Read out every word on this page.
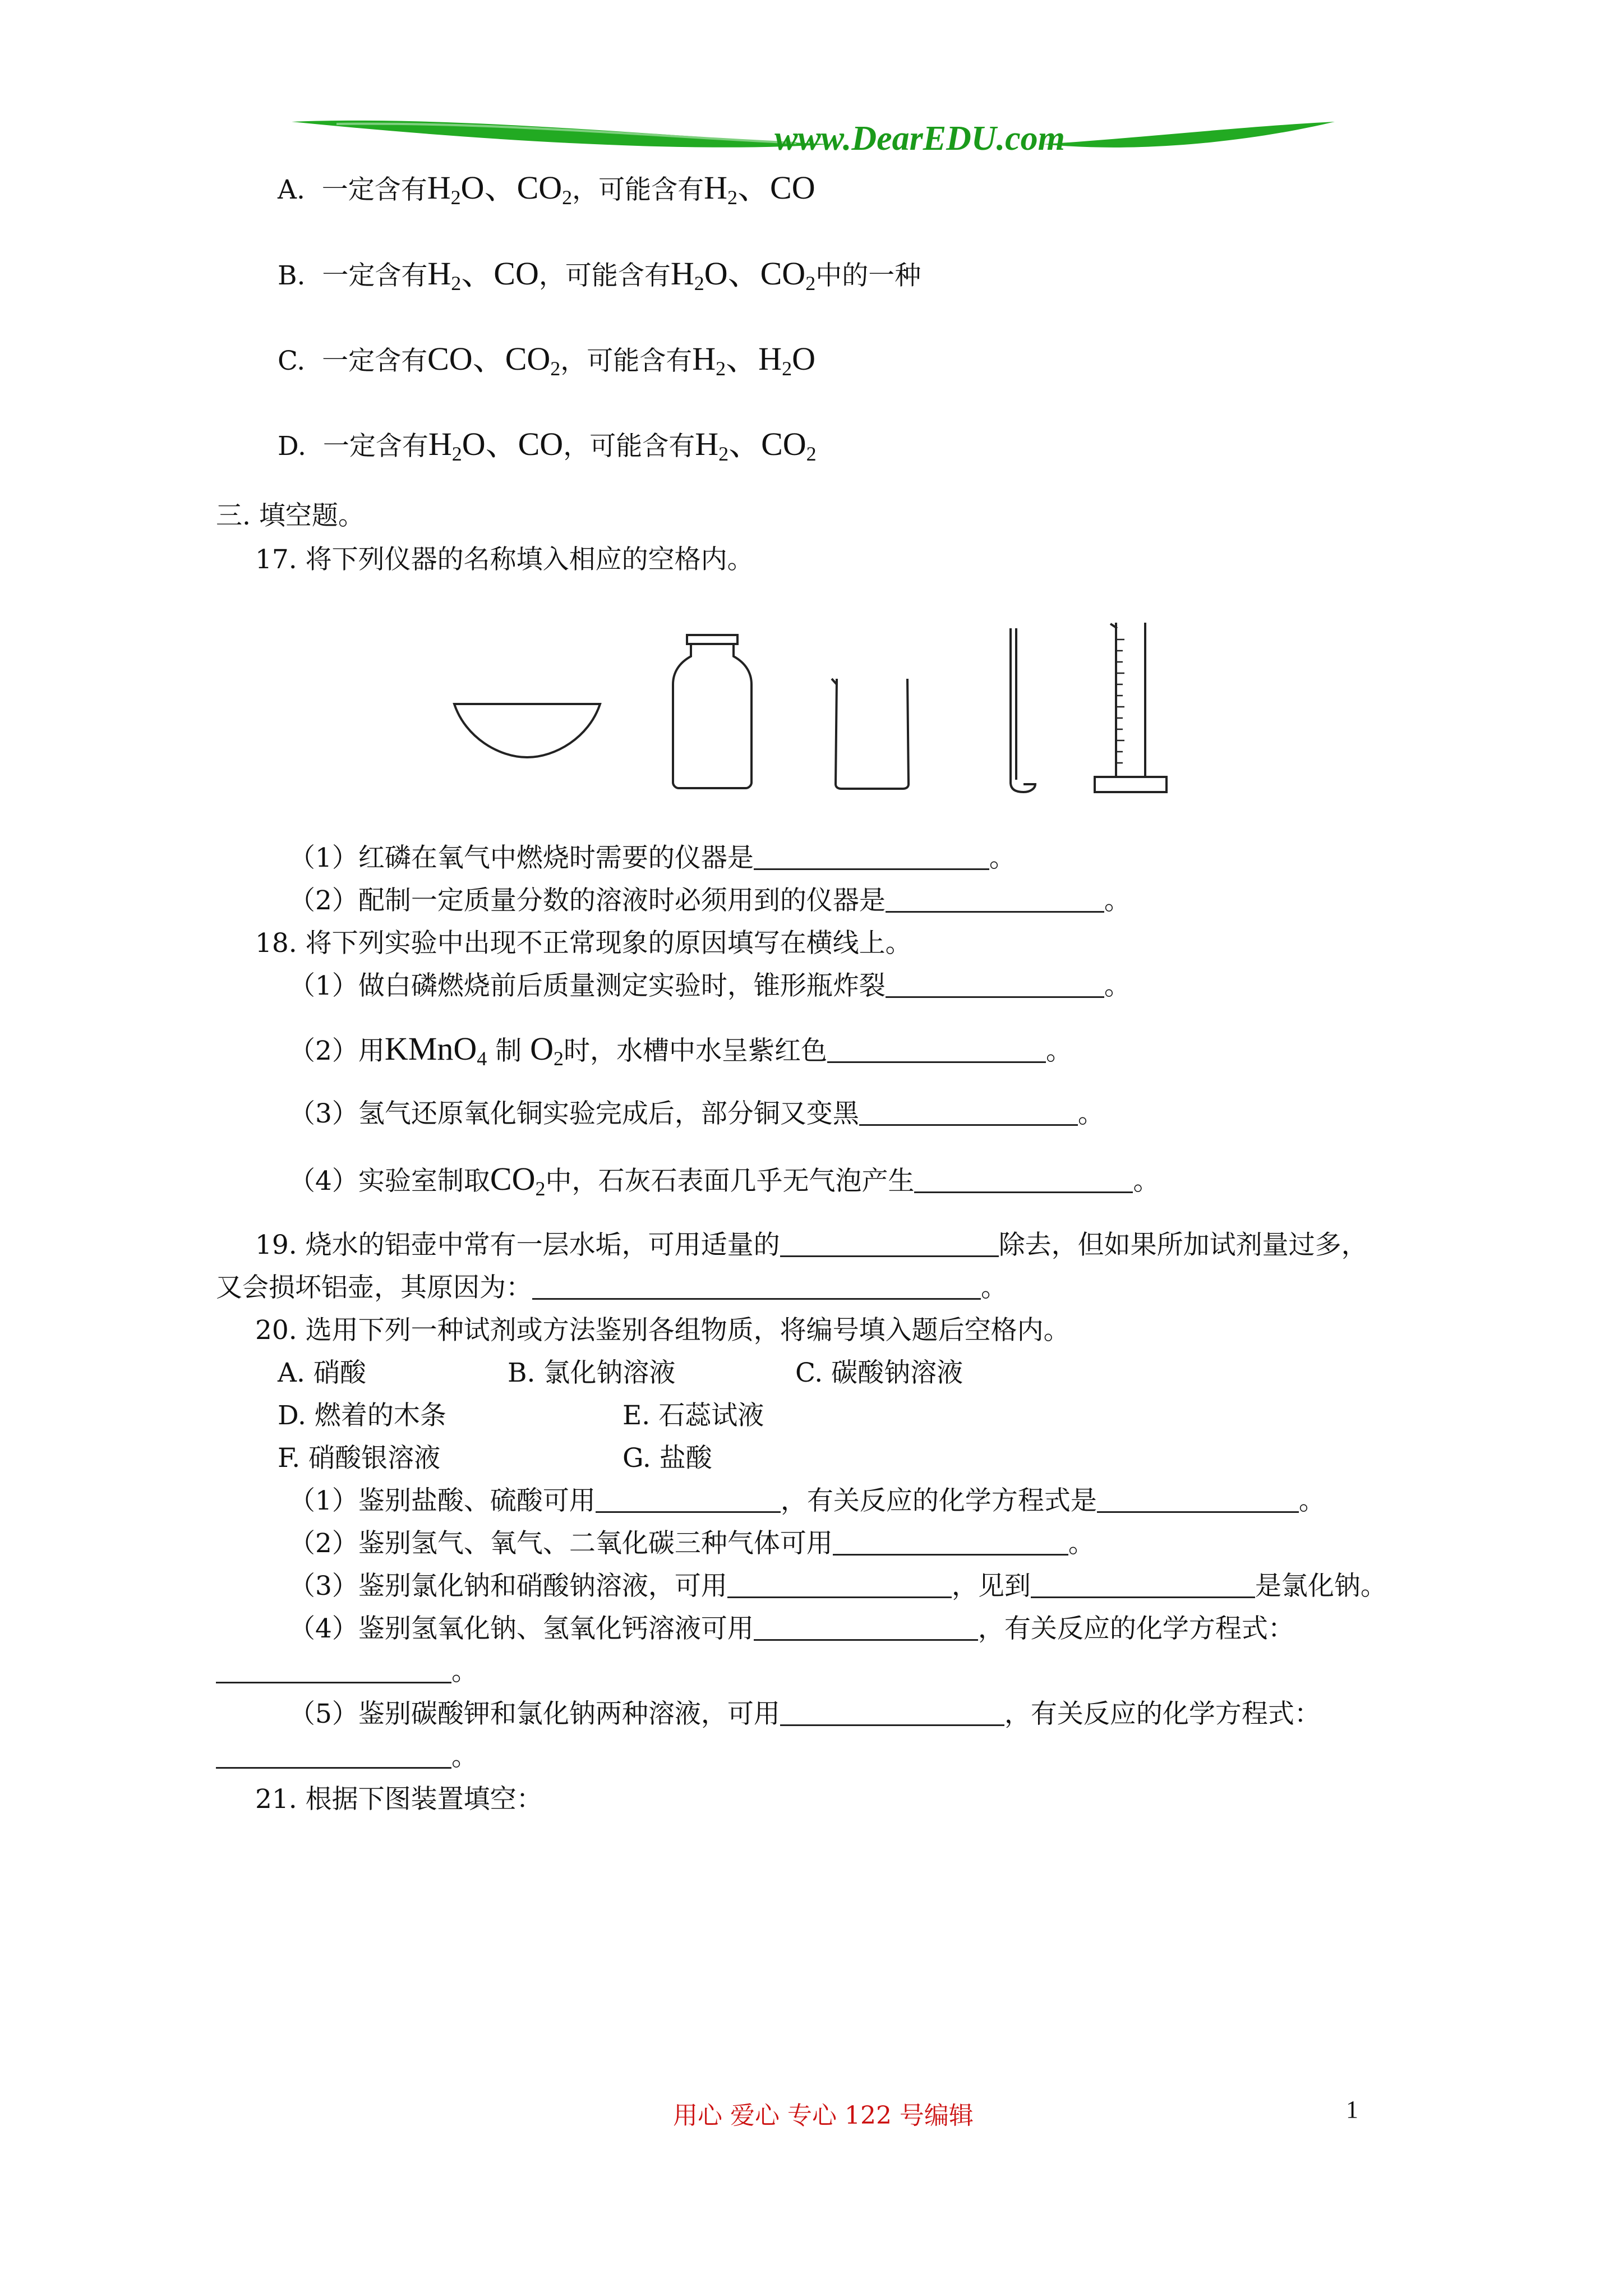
www.DearEDU.com
A. 一定含有$H_2O$、$CO_2$，可能含有$H_2$、CO
B. 一定含有$H_2$、CO，可能含有$H_2O$、$CO_2$中的一种
C. 一定含有CO、$CO_2$，可能含有$H_2$、$H_2O$
D. 一定含有$H_2O$、CO，可能含有$H_2$、$CO_2$
三. 填空题。
17. 将下列仪器的名称填入相应的空格内。
（1）红磷在氧气中燃烧时需要的仪器是	。
（2）配制一定质量分数的溶液时必须用到的仪器是	。
18. 将下列实验中出现不正常现象的原因填写在横线上。
（1）做白磷燃烧前后质量测定实验时，锥形瓶炸裂	。
（2）用KMnO$_4$ 制 $O_2$时，水槽中水呈紫红色	。
（3）氢气还原氧化铜实验完成后，部分铜又变黑	。
（4）实验室制取$CO_2$中，石灰石表面几乎无气泡产生	。
19. 烧水的铝壶中常有一层水垢，可用适量的	除去，但如果所加试剂量过多，
又会损坏铝壶，其原因为：	。
20. 选用下列一种试剂或方法鉴别各组物质，将编号填入题后空格内。
A. 硝酸	B. 氯化钠溶液	C. 碳酸钠溶液
D. 燃着的木条	E. 石蕊试液
F. 硝酸银溶液	G. 盐酸
（1）鉴别盐酸、硫酸可用	，有关反应的化学方程式是	。
（2）鉴别氢气、氧气、二氧化碳三种气体可用	。
（3）鉴别氯化钠和硝酸钠溶液，可用	，见到	是氯化钠。
（4）鉴别氢氧化钠、氢氧化钙溶液可用	，有关反应的化学方程式：
。
（5）鉴别碳酸钾和氯化钠两种溶液，可用	，有关反应的化学方程式：
。
21. 根据下图装置填空：
用心 爱心 专心 122 号编辑	1
